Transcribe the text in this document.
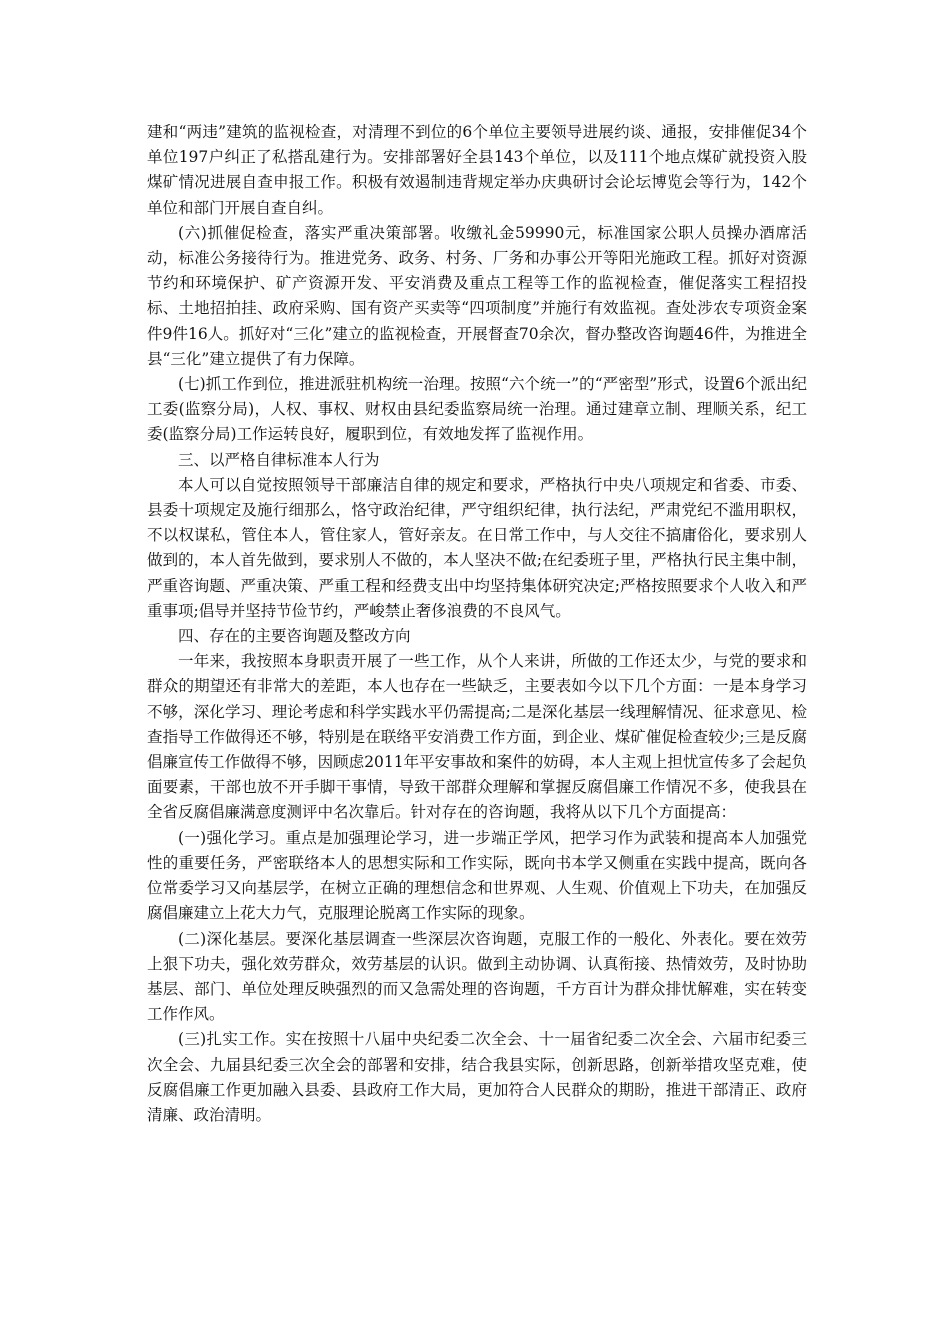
建和“两违”建筑的监视检查，对清理不到位的6个单位主要领导进展约谈、通报，安排催促34个单位197户纠正了私搭乱建行为。安排部署好全县143个单位，以及111个地点煤矿就投资入股煤矿情况进展自查申报工作。积极有效遏制违背规定举办庆典研讨会论坛博览会等行为，142个单位和部门开展自查自纠。

(六)抓催促检查，落实严重决策部署。收缴礼金59990元，标准国家公职人员操办酒席活动，标准公务接待行为。推进党务、政务、村务、厂务和办事公开等阳光施政工程。抓好对资源节约和环境保护、矿产资源开发、平安消费及重点工程等工作的监视检查，催促落实工程招投标、土地招拍挂、政府采购、国有资产买卖等“四项制度”并施行有效监视。查处涉农专项资金案件9件16人。抓好对“三化”建立的监视检查，开展督查70余次，督办整改咨询题46件，为推进全县“三化”建立提供了有力保障。

(七)抓工作到位，推进派驻机构统一治理。按照“六个统一”的“严密型”形式，设置6个派出纪工委(监察分局)，人权、事权、财权由县纪委监察局统一治理。通过建章立制、理顺关系，纪工委(监察分局)工作运转良好，履职到位，有效地发挥了监视作用。

三、以严格自律标准本人行为

本人可以自觉按照领导干部廉洁自律的规定和要求，严格执行中央八项规定和省委、市委、县委十项规定及施行细那么，恪守政治纪律，严守组织纪律，执行法纪，严肃党纪不滥用职权，不以权谋私，管住本人，管住家人，管好亲友。在日常工作中，与人交往不搞庸俗化，要求别人做到的，本人首先做到，要求别人不做的，本人坚决不做;在纪委班子里，严格执行民主集中制，严重咨询题、严重决策、严重工程和经费支出中均坚持集体研究决定;严格按照要求个人收入和严重事项;倡导并坚持节俭节约，严峻禁止奢侈浪费的不良风气。

四、存在的主要咨询题及整改方向

一年来，我按照本身职责开展了一些工作，从个人来讲，所做的工作还太少，与党的要求和群众的期望还有非常大的差距，本人也存在一些缺乏，主要表如今以下几个方面：一是本身学习不够，深化学习、理论考虑和科学实践水平仍需提高;二是深化基层一线理解情况、征求意见、检查指导工作做得还不够，特别是在联络平安消费工作方面，到企业、煤矿催促检查较少;三是反腐倡廉宣传工作做得不够，因顾虑2011年平安事故和案件的妨碍，本人主观上担忧宣传多了会起负面要素，干部也放不开手脚干事情，导致干部群众理解和掌握反腐倡廉工作情况不多，使我县在全省反腐倡廉满意度测评中名次靠后。针对存在的咨询题，我将从以下几个方面提高：

(一)强化学习。重点是加强理论学习，进一步端正学风，把学习作为武装和提高本人加强党性的重要任务，严密联络本人的思想实际和工作实际，既向书本学又侧重在实践中提高，既向各位常委学习又向基层学，在树立正确的理想信念和世界观、人生观、价值观上下功夫，在加强反腐倡廉建立上花大力气，克服理论脱离工作实际的现象。

(二)深化基层。要深化基层调查一些深层次咨询题，克服工作的一般化、外表化。要在效劳上狠下功夫，强化效劳群众，效劳基层的认识。做到主动协调、认真衔接、热情效劳，及时协助基层、部门、单位处理反映强烈的而又急需处理的咨询题，千方百计为群众排忧解难，实在转变工作作风。

(三)扎实工作。实在按照十八届中央纪委二次全会、十一届省纪委二次全会、六届市纪委三次全会、九届县纪委三次全会的部署和安排，结合我县实际，创新思路，创新举措攻坚克难，使反腐倡廉工作更加融入县委、县政府工作大局，更加符合人民群众的期盼，推进干部清正、政府清廉、政治清明。
